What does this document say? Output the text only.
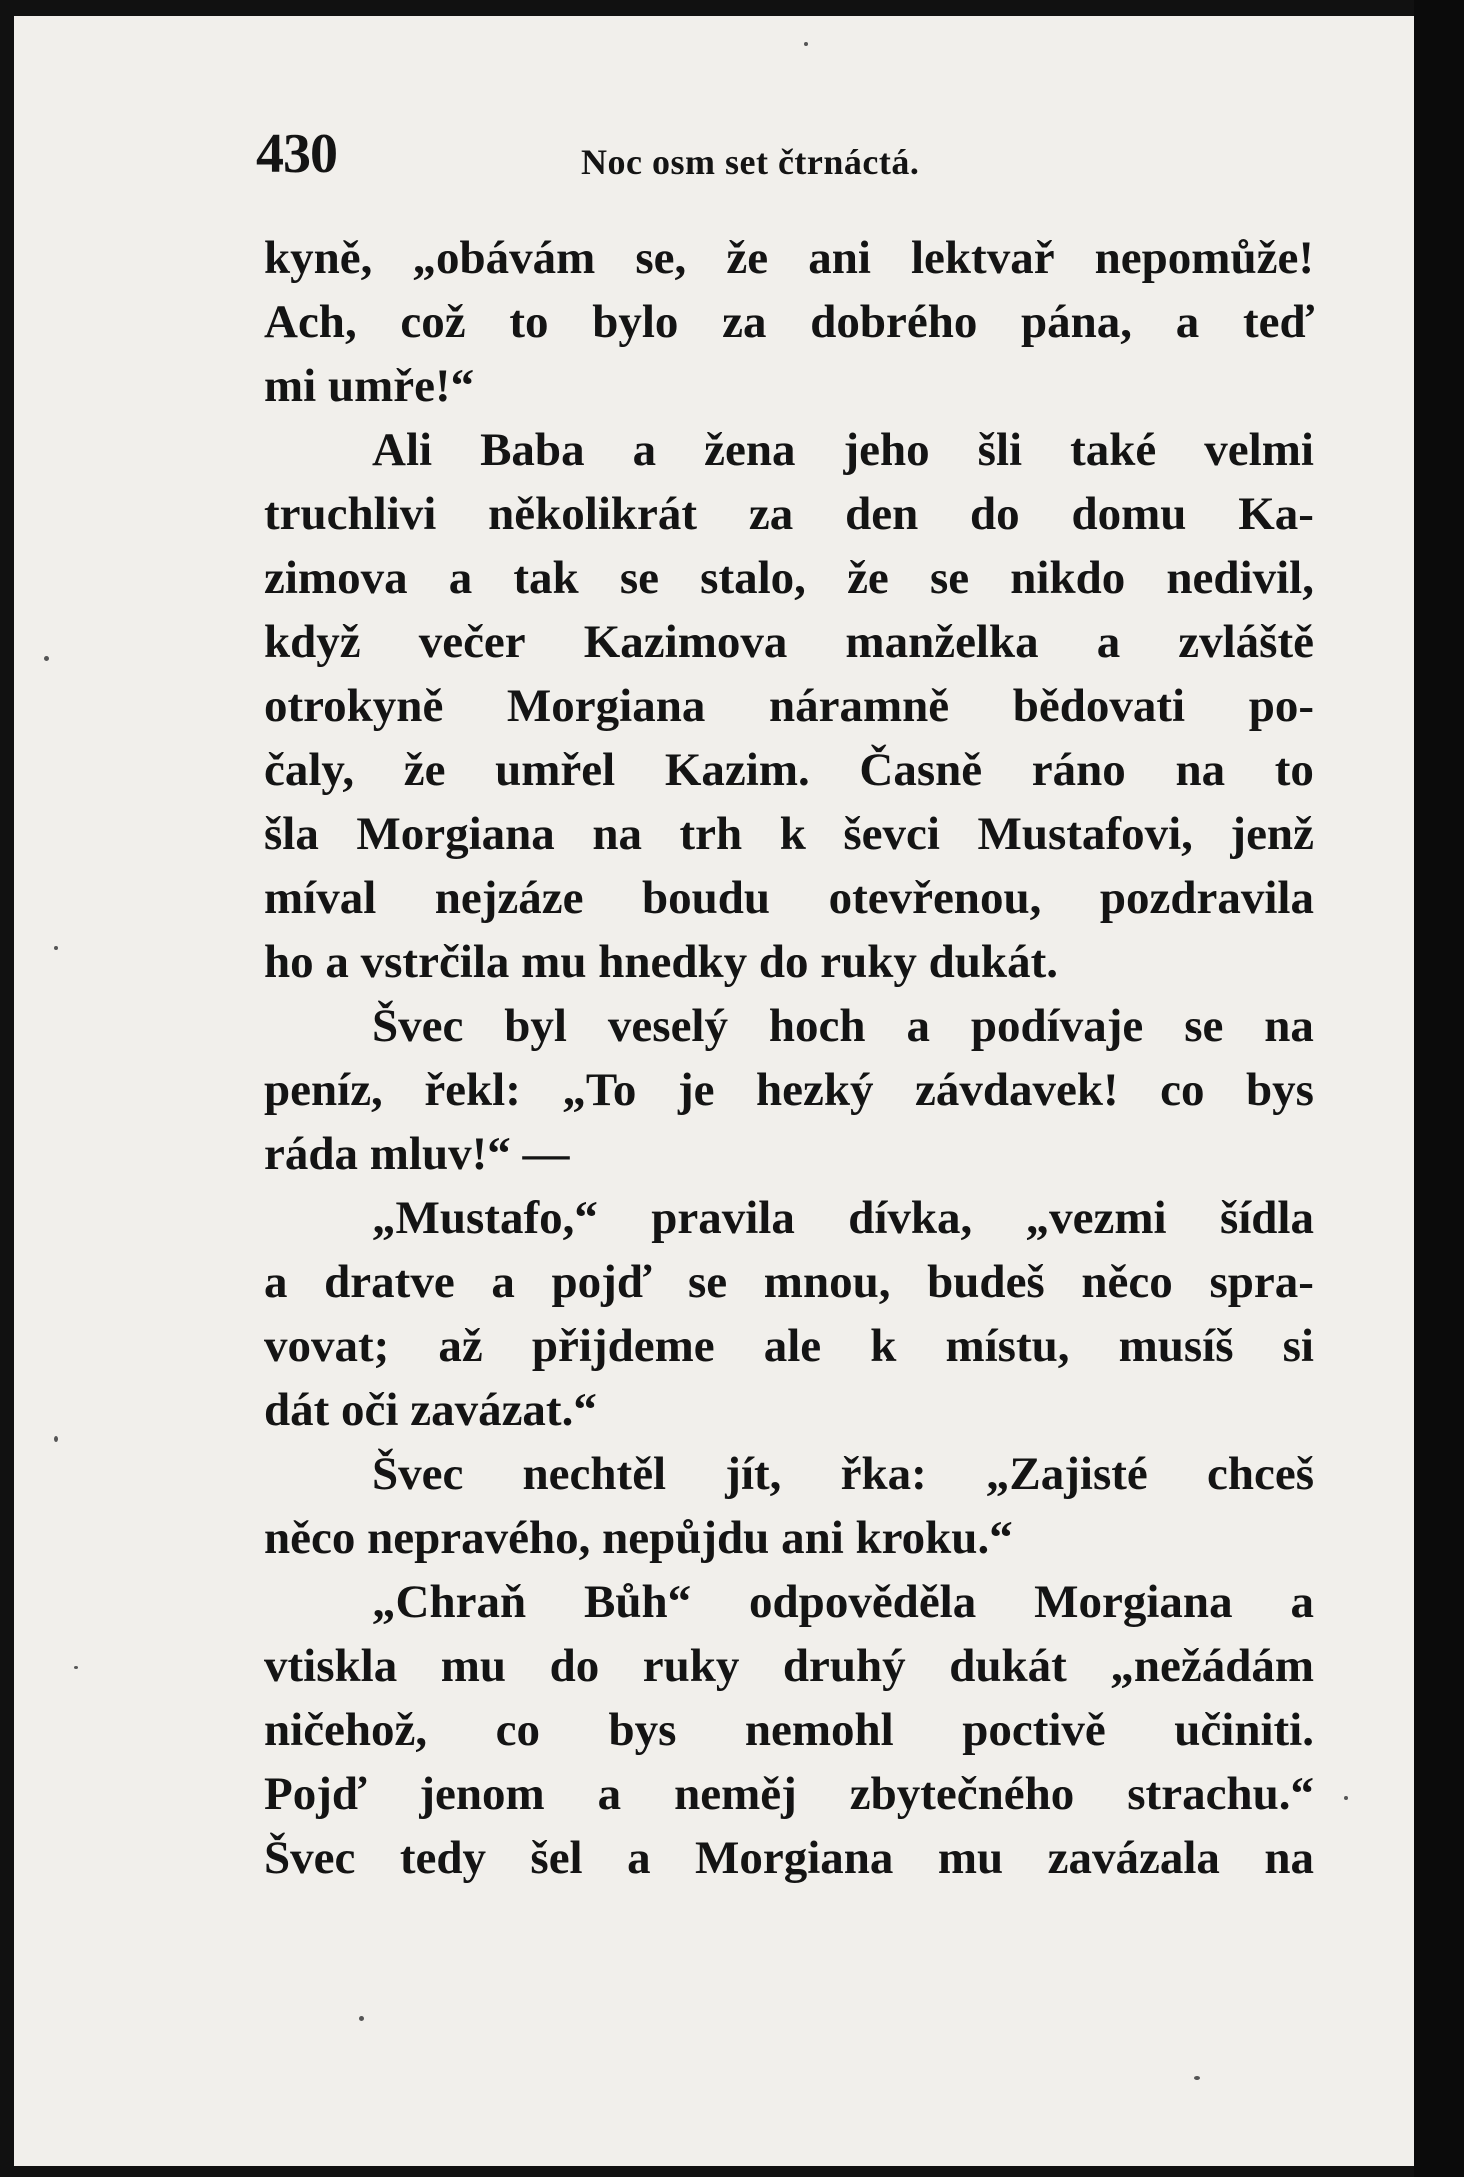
430	Noc osm set čtrnáctá.
kyně, „obávám se, že ani lektvař nepomůže!
Ach, což to bylo za dobrého pána, a teď
mi umře!“
Ali Baba a žena jeho šli také velmi
truchlivi několikrát za den do domu Ka-
zimova a tak se stalo, že se nikdo nedivil,
když večer Kazimova manželka a zvláště
otrokyně Morgiana náramně bědovati po-
čaly, že umřel Kazim. Časně ráno na to
šla Morgiana na trh k ševci Mustafovi, jenž
míval nejzáze boudu otevřenou, pozdravila
ho a vstrčila mu hnedky do ruky dukát.
Švec byl veselý hoch a podívaje se na
peníz, řekl: „To je hezký závdavek! co bys
ráda mluv!“ —
„Mustafo,“ pravila dívka, „vezmi šídla
a dratve a pojď se mnou, budeš něco spra-
vovat; až přijdeme ale k místu, musíš si
dát oči zavázat.“
Švec nechtěl jít, řka: „Zajisté chceš
něco nepravého, nepůjdu ani kroku.“
„Chraň Bůh“ odpověděla Morgiana a
vtiskla mu do ruky druhý dukát „nežádám
ničehož, co bys nemohl poctivě učiniti.
Pojď jenom a neměj zbytečného strachu.“
Švec tedy šel a Morgiana mu zavázala na
